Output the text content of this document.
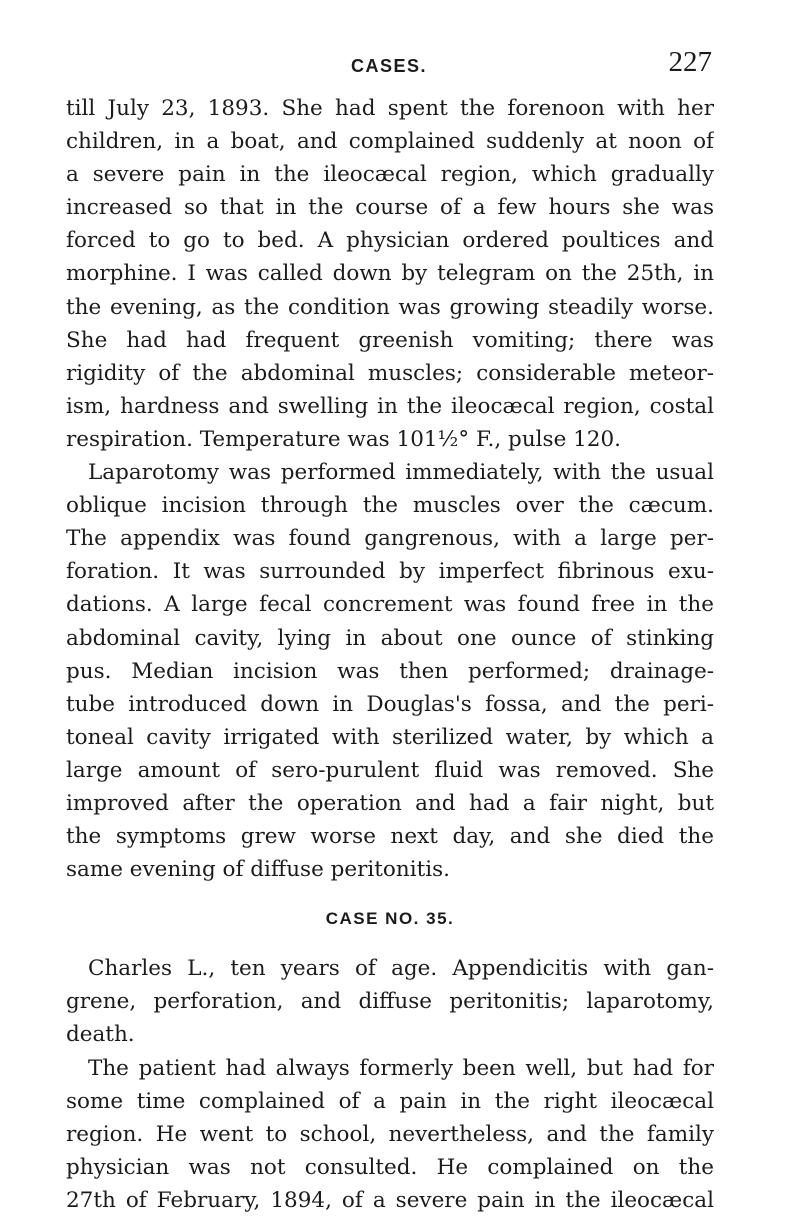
CASES.	227
till July 23, 1893. She had spent the forenoon with her
children, in a boat, and complained suddenly at noon of
a severe pain in the ileocæcal region, which gradually
increased so that in the course of a few hours she was
forced to go to bed. A physician ordered poultices and
morphine. I was called down by telegram on the 25th, in
the evening, as the condition was growing steadily worse.
She had had frequent greenish vomiting; there was
rigidity of the abdominal muscles; considerable meteor-
ism, hardness and swelling in the ileocæcal region, costal
respiration. Temperature was 101½° F., pulse 120.
Laparotomy was performed immediately, with the usual
oblique incision through the muscles over the cæcum.
The appendix was found gangrenous, with a large per-
foration. It was surrounded by imperfect fibrinous exu-
dations. A large fecal concrement was found free in the
abdominal cavity, lying in about one ounce of stinking
pus. Median incision was then performed; drainage-
tube introduced down in Douglas's fossa, and the peri-
toneal cavity irrigated with sterilized water, by which a
large amount of sero-purulent fluid was removed. She
improved after the operation and had a fair night, but
the symptoms grew worse next day, and she died the
same evening of diffuse peritonitis.
CASE NO. 35.
Charles L., ten years of age. Appendicitis with gan-
grene, perforation, and diffuse peritonitis; laparotomy,
death.
The patient had always formerly been well, but had for
some time complained of a pain in the right ileocæcal
region. He went to school, nevertheless, and the family
physician was not consulted. He complained on the
27th of February, 1894, of a severe pain in the ileocæcal
